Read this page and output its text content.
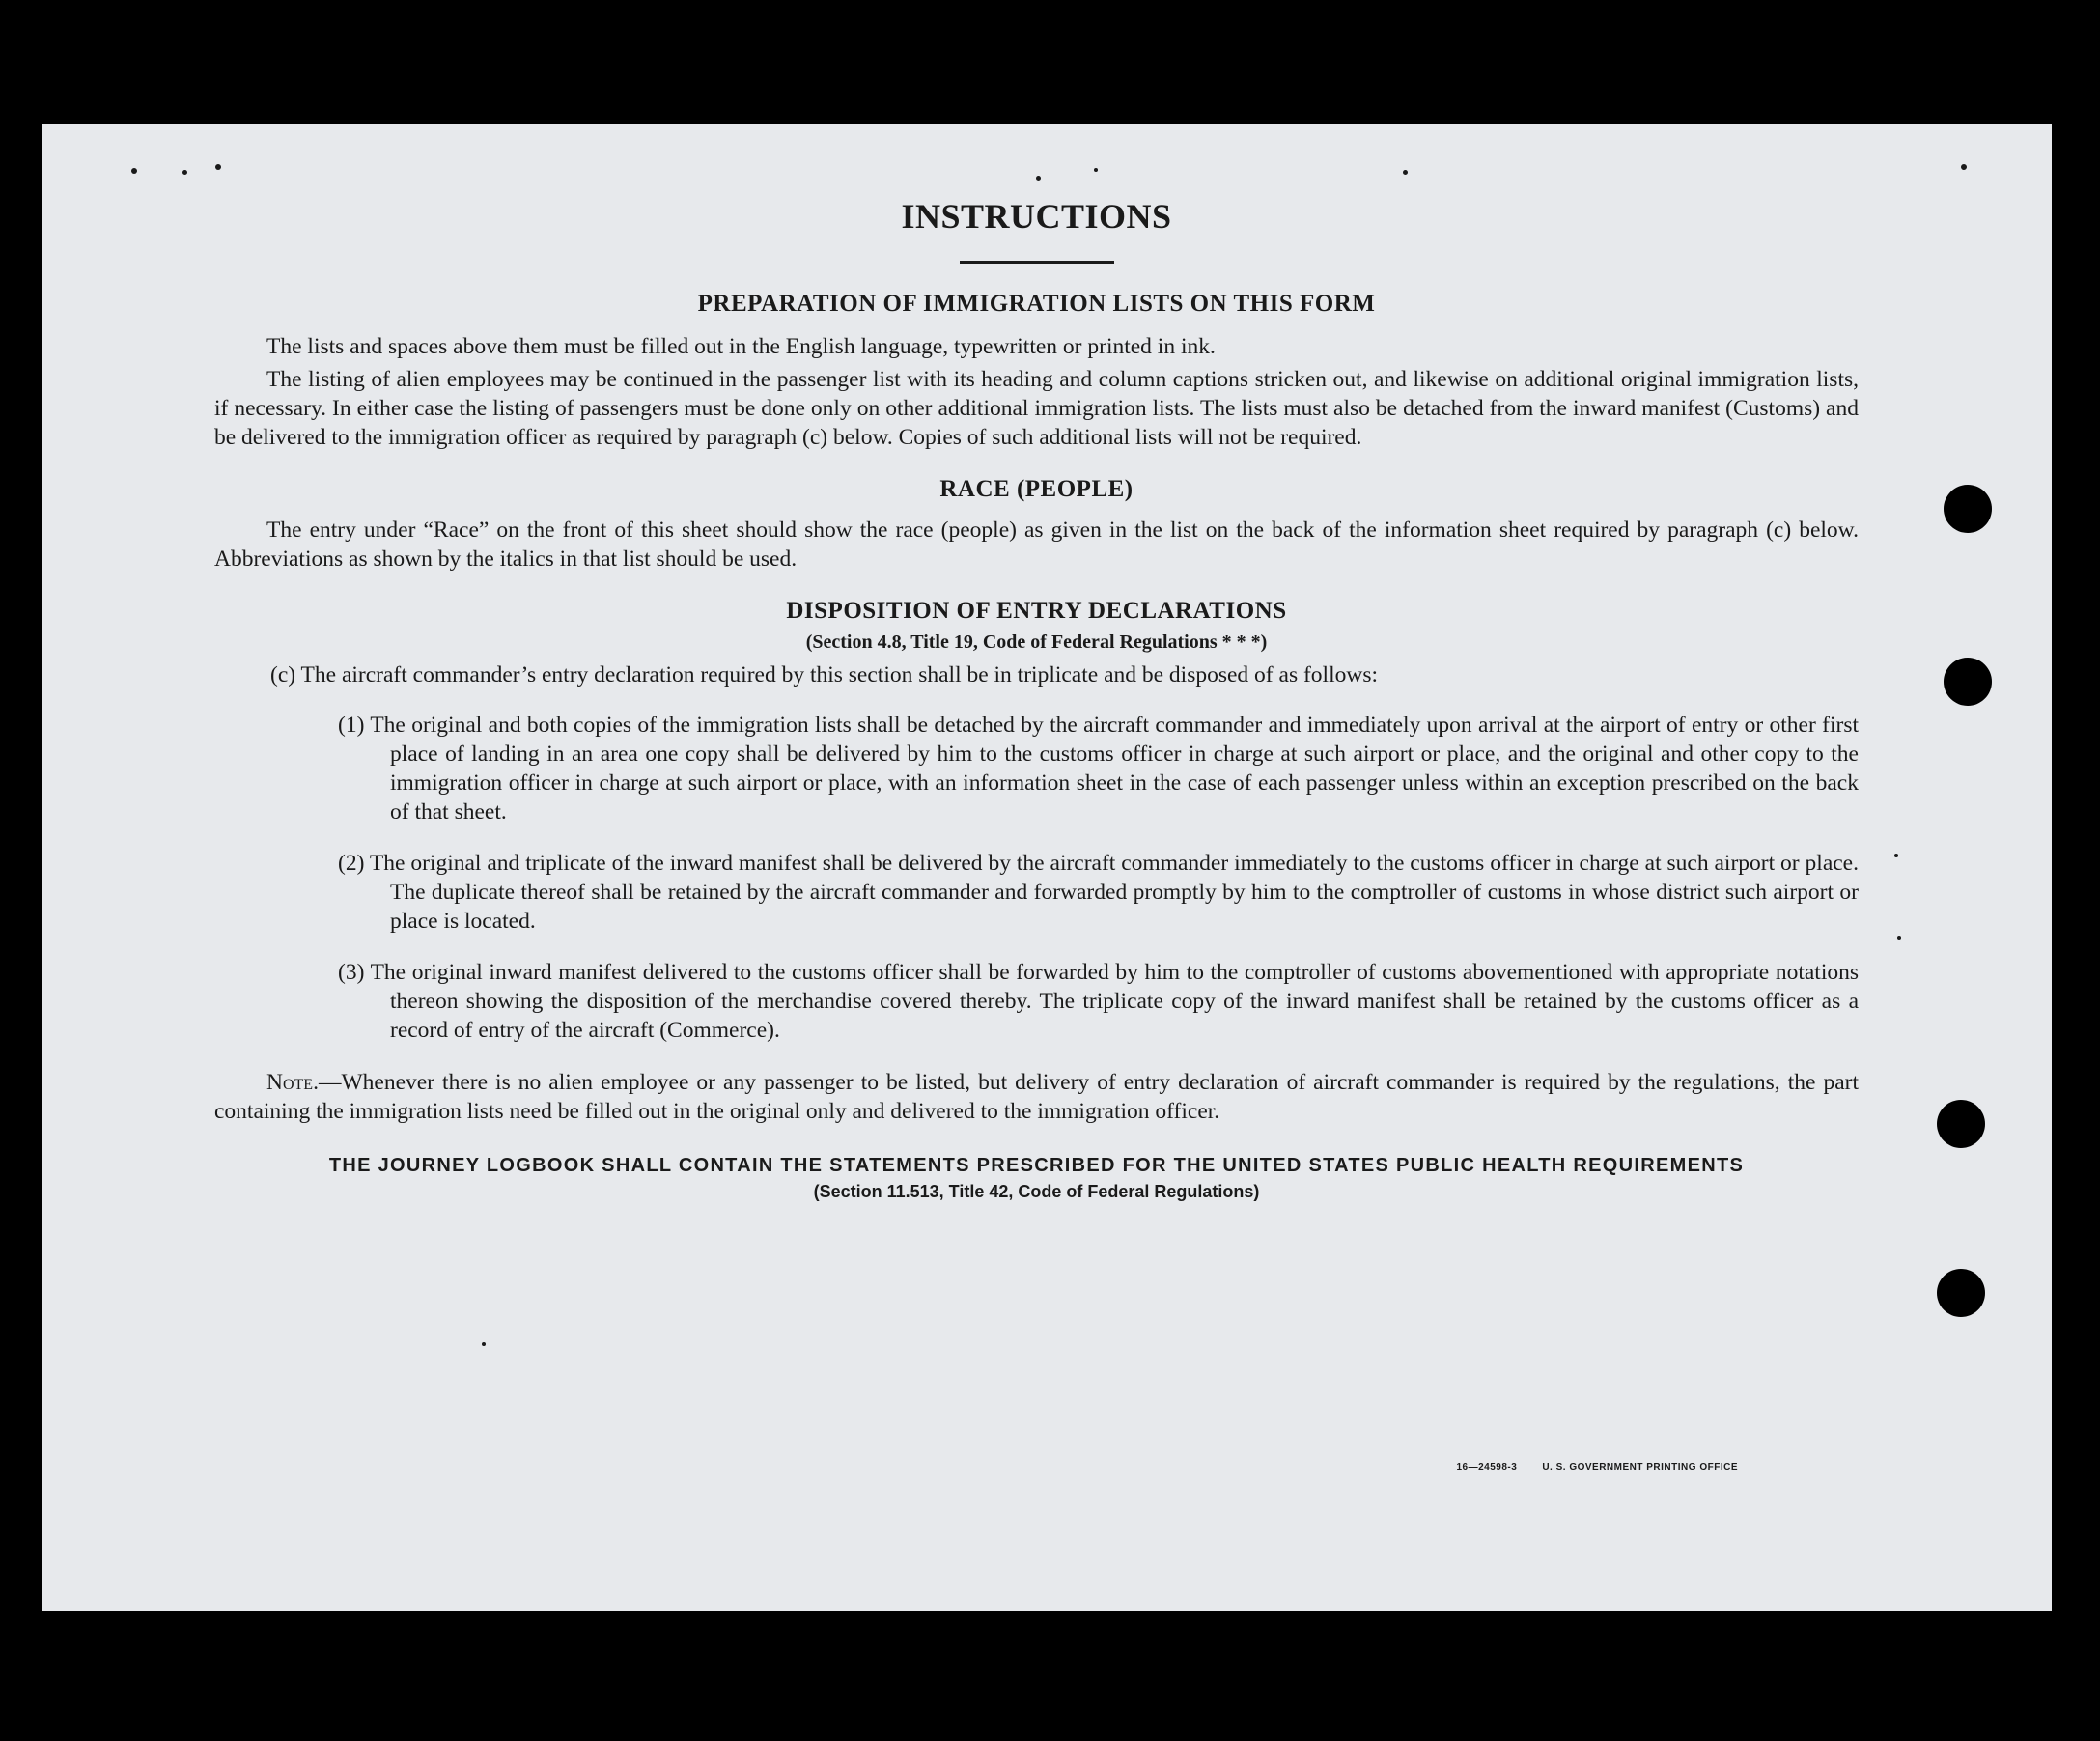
16—24598-3	U. S. GOVERNMENT PRINTING OFFICE
INSTRUCTIONS
PREPARATION OF IMMIGRATION LISTS ON THIS FORM

The lists and spaces above them must be filled out in the English language, typewritten or printed in ink.

The listing of alien employees may be continued in the passenger list with its heading and column captions stricken out, and likewise on additional original immigration lists, if necessary. In either case the listing of passengers must be done only on other additional immigration lists. The lists must also be detached from the inward manifest (Customs) and be delivered to the immigration officer as required by paragraph (c) below. Copies of such additional lists will not be required.

RACE (PEOPLE)

The entry under “Race” on the front of this sheet should show the race (people) as given in the list on the back of the information sheet required by paragraph (c) below. Abbreviations as shown by the italics in that list should be used.

DISPOSITION OF ENTRY DECLARATIONS
(Section 4.8, Title 19, Code of Federal Regulations * * *)
(c) The aircraft commander’s entry declaration required by this section shall be in triplicate and be disposed of as follows:
(1) The original and both copies of the immigration lists shall be detached by the aircraft commander and immediately upon arrival at the airport of entry or other first place of landing in an area one copy shall be delivered by him to the customs officer in charge at such airport or place, and the original and other copy to the immigration officer in charge at such airport or place, with an information sheet in the case of each passenger unless within an exception prescribed on the back of that sheet.
(2) The original and triplicate of the inward manifest shall be delivered by the aircraft commander immediately to the customs officer in charge at such airport or place. The duplicate thereof shall be retained by the aircraft commander and forwarded promptly by him to the comptroller of customs in whose district such airport or place is located.
(3) The original inward manifest delivered to the customs officer shall be forwarded by him to the comptroller of customs abovementioned with appropriate notations thereon showing the disposition of the merchandise covered thereby. The triplicate copy of the inward manifest shall be retained by the customs officer as a record of entry of the aircraft (Commerce).

Note.—Whenever there is no alien employee or any passenger to be listed, but delivery of entry declaration of aircraft commander is required by the regulations, the part containing the immigration lists need be filled out in the original only and delivered to the immigration officer.

THE JOURNEY LOGBOOK SHALL CONTAIN THE STATEMENTS PRESCRIBED FOR THE UNITED STATES PUBLIC HEALTH REQUIREMENTS
(Section 11.513, Title 42, Code of Federal Regulations)
